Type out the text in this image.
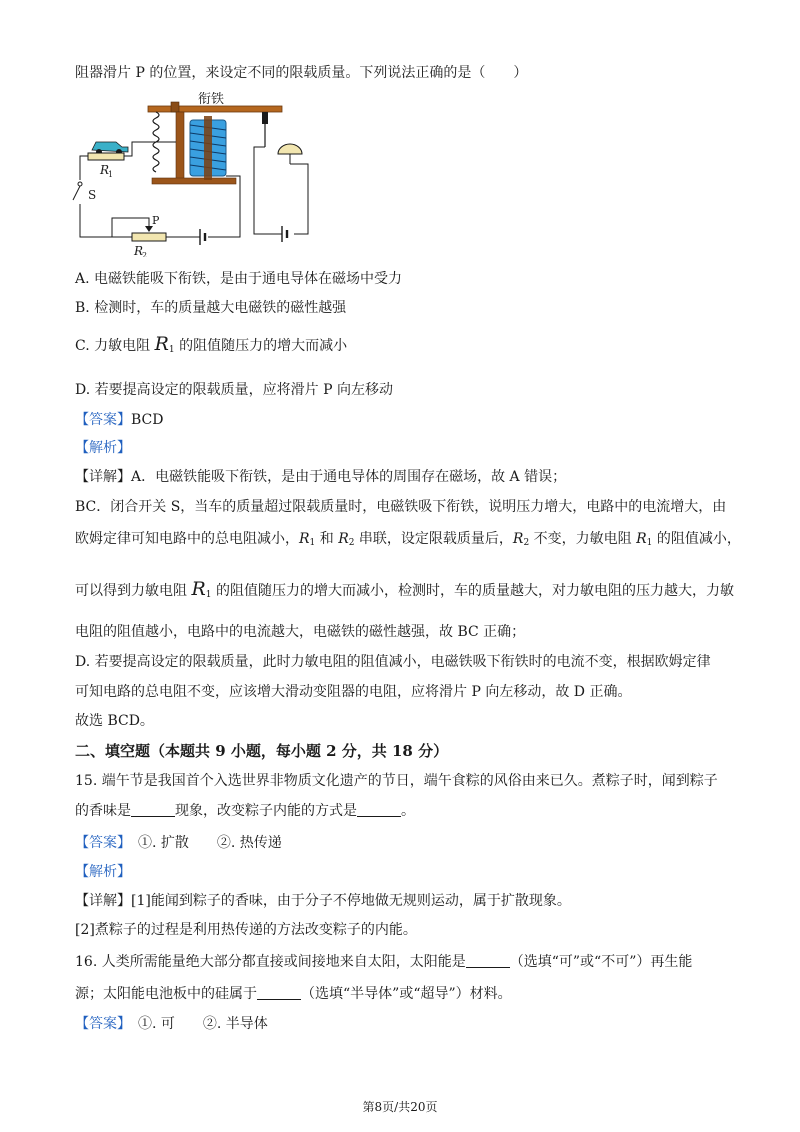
阻器滑片 P 的位置，来设定不同的限载质量。下列说法正确的是（　　）
衔铁
R
1
S
P
R
2
A. 电磁铁能吸下衔铁，是由于通电导体在磁场中受力
B. 检测时，车的质量越大电磁铁的磁性越强
C. 力敏电阻 $R_1$ 的阻值随压力的增大而减小
D. 若要提高设定的限载质量，应将滑片 P 向左移动
【答案】BCD
【解析】
【详解】A．电磁铁能吸下衔铁，是由于通电导体的周围存在磁场，故 A 错误；
BC．闭合开关 S，当车的质量超过限载质量时，电磁铁吸下衔铁，说明压力增大，电路中的电流增大，由
欧姆定律可知电路中的总电阻减小，$R_1$ 和 $R_2$ 串联，设定限载质量后，$R_2$ 不变，力敏电阻 $R_1$ 的阻值减小，
可以得到力敏电阻 $R_1$ 的阻值随压力的增大而减小，检测时，车的质量越大，对力敏电阻的压力越大，力敏
电阻的阻值越小，电路中的电流越大，电磁铁的磁性越强，故 BC 正确；
D. 若要提高设定的限载质量，此时力敏电阻的阻值减小，电磁铁吸下衔铁时的电流不变，根据欧姆定律
可知电路的总电阻不变，应该增大滑动变阻器的电阻，应将滑片 P 向左移动，故 D 正确。
故选 BCD。
二、填空题（本题共 9 小题，每小题 2 分，共 18 分）
15. 端午节是我国首个入选世界非物质文化遗产的节日，端午食粽的风俗由来已久。煮粽子时，闻到粽子
的香味是	现象，改变粽子内能的方式是	。
【答案】　 ①. 扩散　　②. 热传递
【解析】
【详解】[1]能闻到粽子的香味，由于分子不停地做无规则运动，属于扩散现象。
[2]煮粽子的过程是利用热传递的方法改变粽子的内能。
16. 人类所需能量绝大部分都直接或间接地来自太阳，太阳能是	（选填“可”或“不可”）再生能
源；太阳能电池板中的硅属于	（选填“半导体”或“超导”）材料。
【答案】　 ①. 可　　②. 半导体
第8页/共20页
